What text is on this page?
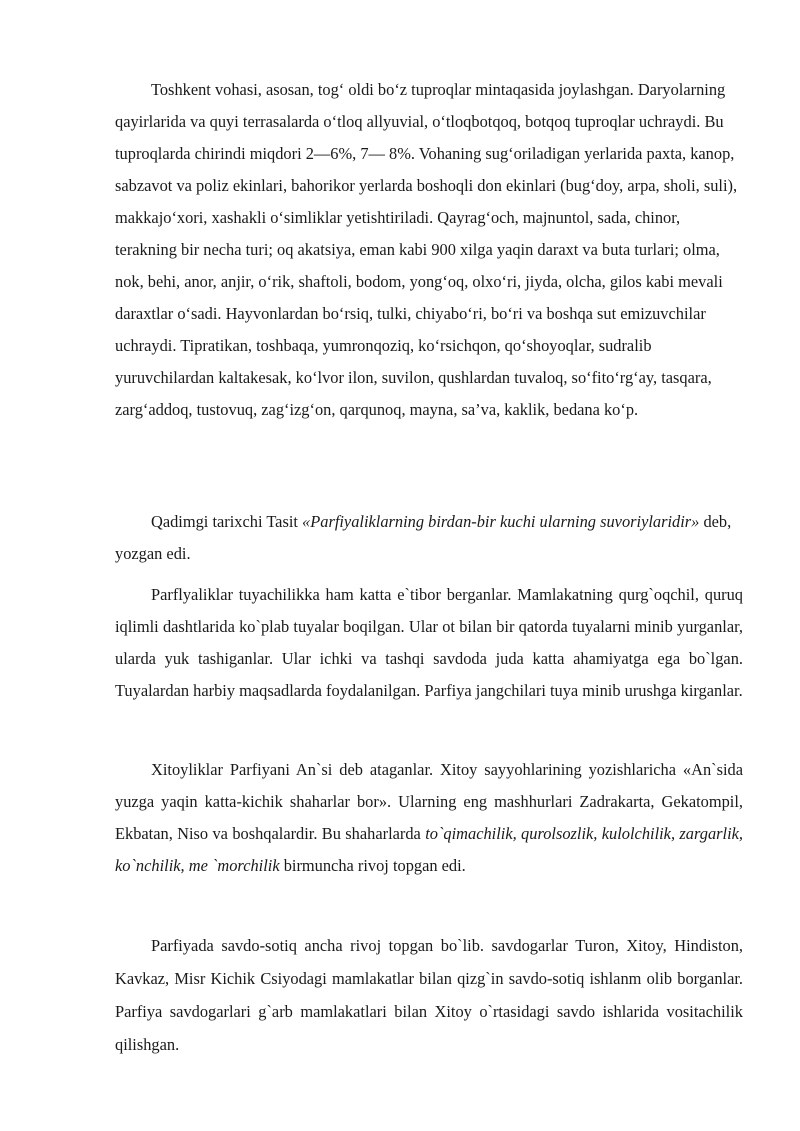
Toshkent vohasi, asosan, tog‘ oldi bo‘z tuproqlar mintaqasida joylashgan. Daryolarning qayirlarida va quyi terrasalarda o‘tloq allyuvial, o‘tloqbotqoq, botqoq tuproqlar uchraydi. Bu tuproqlarda chirindi miqdori 2—6%, 7— 8%. Vohaning sug‘oriladigan yerlarida paxta, kanop, sabzavot va poliz ekinlari, bahorikor yerlarda boshoqli don ekinlari (bug‘doy, arpa, sholi, suli), makkajo‘xori, xashakli o‘simliklar yetishtiriladi. Qayrag‘och, majnuntol, sada, chinor, terakning bir necha turi; oq akatsiya, eman kabi 900 xilga yaqin daraxt va buta turlari; olma, nok, behi, anor, anjir, o‘rik, shaftoli, bodom, yong‘oq, olxo‘ri, jiyda, olcha, gilos kabi mevali daraxtlar o‘sadi. Hayvonlardan bo‘rsiq, tulki, chiyabo‘ri, bo‘ri va boshqa sut emizuvchilar uchraydi. Tipratikan, toshbaqa, yumronqoziq, ko‘rsichqon, qo‘shoyoqlar, sudralib yuruvchilardan kaltakesak, ko‘lvor ilon, suvilon, qushlardan tuvaloq, so‘fito‘rg‘ay, tasqara, zarg‘addoq, tustovuq, zag‘izg‘on, qarqunoq, mayna, sa’va, kaklik, bedana ko‘p.

Qadimgi tarixchi Tasit «Parfiyaliklarning birdan-bir kuchi ularning suvoriylaridir» deb, yozgan edi.

Parflyaliklar tuyachilikka ham katta e`tibor berganlar. Mamlakatning qurg`oqchil, quruq iqlimli dashtlarida ko`plab tuyalar boqilgan. Ular ot bilan bir qatorda tuyalarni minib yurganlar, ularda yuk tashiganlar. Ular ichki va tashqi savdoda juda katta ahamiyatga ega bo`lgan. Tuyalardan harbiy maqsadlarda foydalanilgan. Parfiya jangchilari tuya minib urushga kirganlar.

Xitoyliklar Parfiyani An`si deb ataganlar. Xitoy sayyohlarining yozishlaricha «An`sida yuzga yaqin katta-kichik shaharlar bor». Ularning eng mashhurlari Zadrakarta, Gekatompil, Ekbatan, Niso va boshqalardir. Bu shaharlarda to`qimachilik, qurolsozlik, kulolchilik, zargarlik, ko`nchilik, me `morchilik birmuncha rivoj topgan edi.

Parfiyada savdo-sotiq ancha rivoj topgan bo`lib. savdogarlar Turon, Xitoy, Hindiston, Kavkaz, Misr Kichik Csiyodagi mamlakatlar bilan qizg`in savdo-sotiq ishlanm olib borganlar. Parfiya savdogarlari g`arb mamlakatlari bilan Xitoy o`rtasidagi savdo ishlarida vositachilik qilishgan.
